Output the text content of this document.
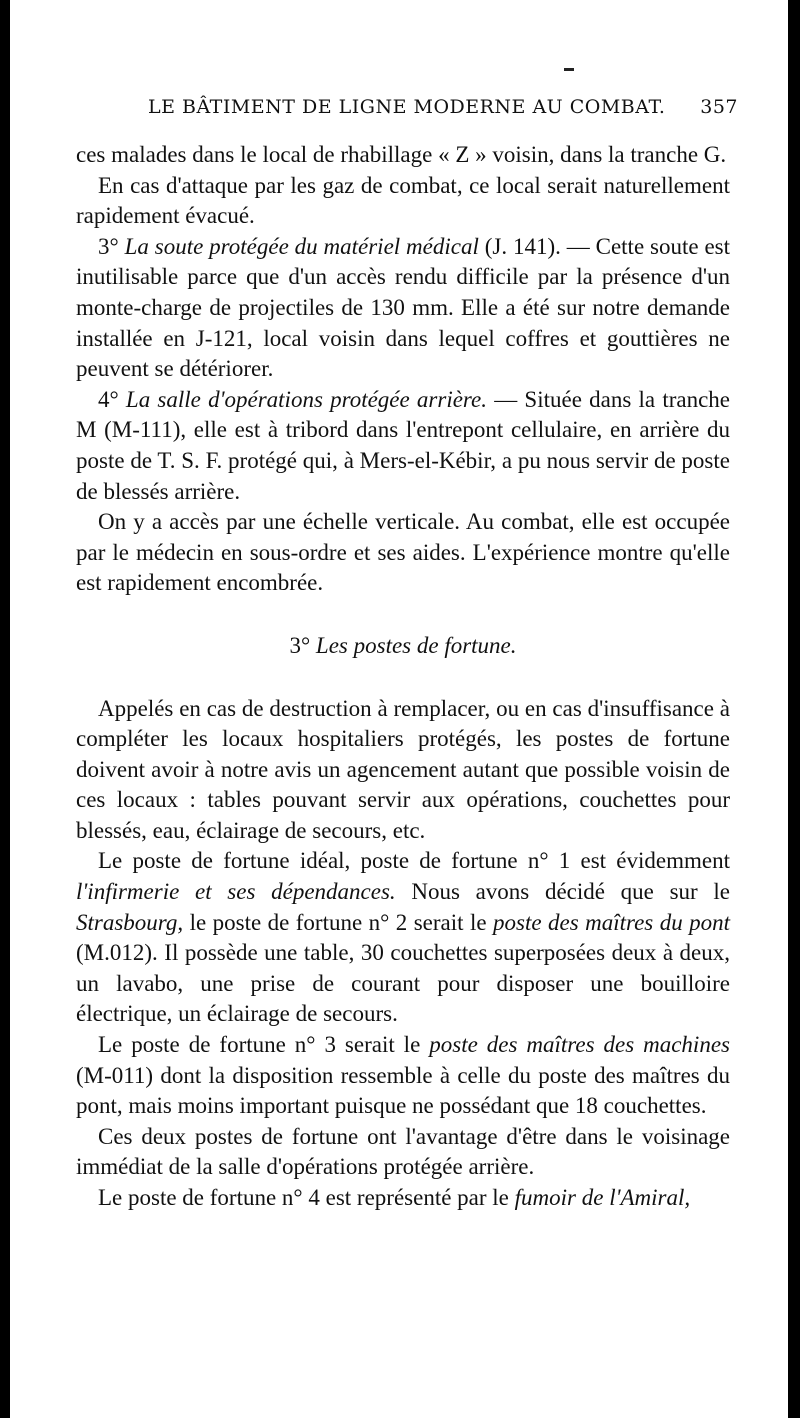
LE BÂTIMENT DE LIGNE MODERNE AU COMBAT. 357

ces malades dans le local de rhabillage « Z » voisin, dans la tranche G.

En cas d'attaque par les gaz de combat, ce local serait naturellement rapidement évacué.

3° La soute protégée du matériel médical (J. 141). — Cette soute est inutilisable parce que d'un accès rendu difficile par la présence d'un monte-charge de projectiles de 130 mm. Elle a été sur notre demande installée en J-121, local voisin dans lequel coffres et gouttières ne peuvent se détériorer.

4° La salle d'opérations protégée arrière. — Située dans la tranche M (M-111), elle est à tribord dans l'entrepont cellulaire, en arrière du poste de T. S. F. protégé qui, à Mers-el-Kébir, a pu nous servir de poste de blessés arrière.

On y a accès par une échelle verticale. Au combat, elle est occupée par le médecin en sous-ordre et ses aides. L'expérience montre qu'elle est rapidement encombrée.

3° Les postes de fortune.

Appelés en cas de destruction à remplacer, ou en cas d'insuffisance à compléter les locaux hospitaliers protégés, les postes de fortune doivent avoir à notre avis un agencement autant que possible voisin de ces locaux : tables pouvant servir aux opérations, couchettes pour blessés, eau, éclairage de secours, etc.

Le poste de fortune idéal, poste de fortune n° 1 est évidemment l'infirmerie et ses dépendances. Nous avons décidé que sur le Strasbourg, le poste de fortune n° 2 serait le poste des maîtres du pont (M.012). Il possède une table, 30 couchettes superposées deux à deux, un lavabo, une prise de courant pour disposer une bouilloire électrique, un éclairage de secours.

Le poste de fortune n° 3 serait le poste des maîtres des machines (M-011) dont la disposition ressemble à celle du poste des maîtres du pont, mais moins important puisque ne possédant que 18 couchettes.

Ces deux postes de fortune ont l'avantage d'être dans le voisinage immédiat de la salle d'opérations protégée arrière.

Le poste de fortune n° 4 est représenté par le fumoir de l'Amiral,
